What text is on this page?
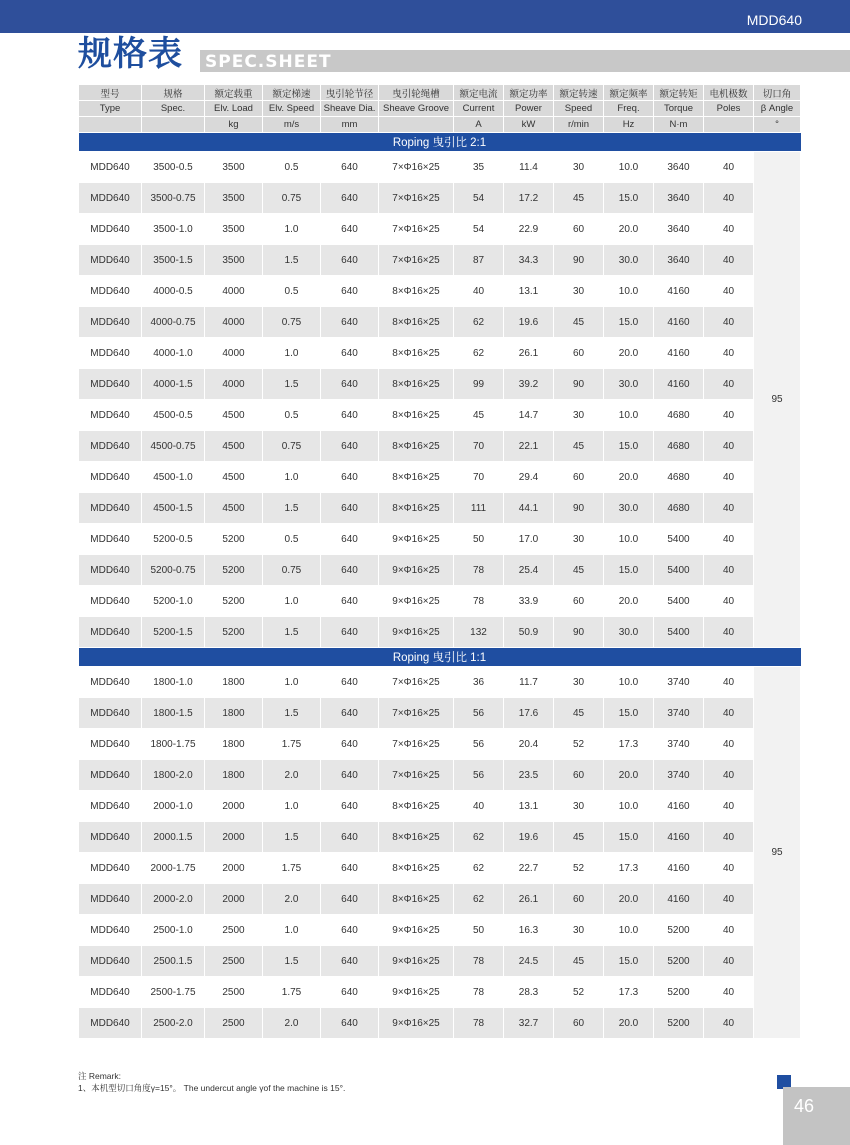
MDD640
规格表 SPEC.SHEET
型号	规格	额定载重	额定梯速	曳引轮节径	曳引轮绳槽	额定电流	额定功率	额定转速	额定频率	额定转矩	电机极数	切口角
Type	Spec.	Elv. Load	Elv. Speed	Sheave Dia.	Sheave Groove	Current	Power	Speed	Freq.	Torque	Poles	β Angle
		kg	m/s	mm		A	kW	r/min	Hz	N·m		°
Roping 曳引比 2:1												
MDD640	3500-0.5	3500	0.5	640	7×Φ16×25	35	11.4	30	10.0	3640	40	95
MDD640	3500-0.75	3500	0.75	640	7×Φ16×25	54	17.2	45	15.0	3640	40	
MDD640	3500-1.0	3500	1.0	640	7×Φ16×25	54	22.9	60	20.0	3640	40	
MDD640	3500-1.5	3500	1.5	640	7×Φ16×25	87	34.3	90	30.0	3640	40	
MDD640	4000-0.5	4000	0.5	640	8×Φ16×25	40	13.1	30	10.0	4160	40	
MDD640	4000-0.75	4000	0.75	640	8×Φ16×25	62	19.6	45	15.0	4160	40	
MDD640	4000-1.0	4000	1.0	640	8×Φ16×25	62	26.1	60	20.0	4160	40	
MDD640	4000-1.5	4000	1.5	640	8×Φ16×25	99	39.2	90	30.0	4160	40	
MDD640	4500-0.5	4500	0.5	640	8×Φ16×25	45	14.7	30	10.0	4680	40	
MDD640	4500-0.75	4500	0.75	640	8×Φ16×25	70	22.1	45	15.0	4680	40	
MDD640	4500-1.0	4500	1.0	640	8×Φ16×25	70	29.4	60	20.0	4680	40	
MDD640	4500-1.5	4500	1.5	640	8×Φ16×25	111	44.1	90	30.0	4680	40	
MDD640	5200-0.5	5200	0.5	640	9×Φ16×25	50	17.0	30	10.0	5400	40	
MDD640	5200-0.75	5200	0.75	640	9×Φ16×25	78	25.4	45	15.0	5400	40	
MDD640	5200-1.0	5200	1.0	640	9×Φ16×25	78	33.9	60	20.0	5400	40	
MDD640	5200-1.5	5200	1.5	640	9×Φ16×25	132	50.9	90	30.0	5400	40	
Roping 曳引比 1:1												
MDD640	1800-1.0	1800	1.0	640	7×Φ16×25	36	11.7	30	10.0	3740	40	95
MDD640	1800-1.5	1800	1.5	640	7×Φ16×25	56	17.6	45	15.0	3740	40	
MDD640	1800-1.75	1800	1.75	640	7×Φ16×25	56	20.4	52	17.3	3740	40	
MDD640	1800-2.0	1800	2.0	640	7×Φ16×25	56	23.5	60	20.0	3740	40	
MDD640	2000-1.0	2000	1.0	640	8×Φ16×25	40	13.1	30	10.0	4160	40	
MDD640	2000.1.5	2000	1.5	640	8×Φ16×25	62	19.6	45	15.0	4160	40	
MDD640	2000-1.75	2000	1.75	640	8×Φ16×25	62	22.7	52	17.3	4160	40	
MDD640	2000-2.0	2000	2.0	640	8×Φ16×25	62	26.1	60	20.0	4160	40	
MDD640	2500-1.0	2500	1.0	640	9×Φ16×25	50	16.3	30	10.0	5200	40	
MDD640	2500.1.5	2500	1.5	640	9×Φ16×25	78	24.5	45	15.0	5200	40	
MDD640	2500-1.75	2500	1.75	640	9×Φ16×25	78	28.3	52	17.3	5200	40	
MDD640	2500-2.0	2500	2.0	640	9×Φ16×25	78	32.7	60	20.0	5200	40	
注 Remark:
1、本机型切口角度γ=15°。 The undercut angle γof the machine is 15°.
46
